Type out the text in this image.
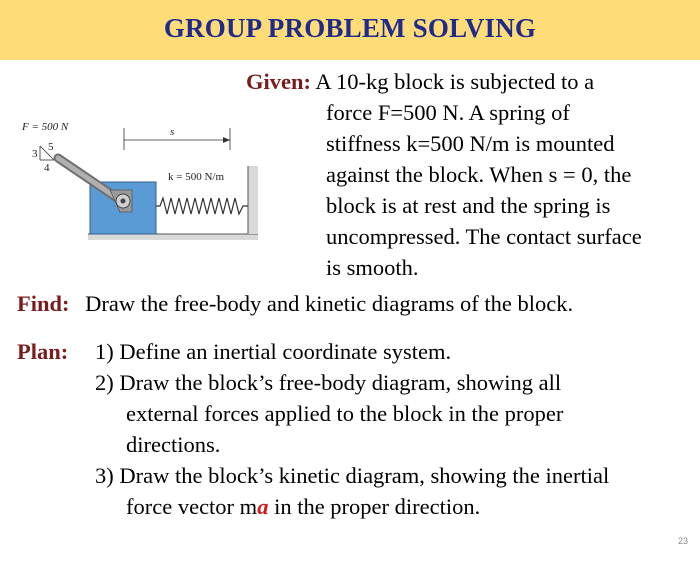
GROUP PROBLEM SOLVING
F = 500 N
5
3
4
k = 500 N/m
s
Given: A 10-kg block is subjected to a
force F=500 N. A spring of
stiffness k=500 N/m is mounted
against the block. When s = 0, the
block is at rest and the spring is
uncompressed. The contact surface
is smooth.
Find: Draw the free-body and kinetic diagrams of the block.
Plan: 1) Define an inertial coordinate system.
2) Draw the block’s free-body diagram, showing all
external forces applied to the block in the proper
directions.
3) Draw the block’s kinetic diagram, showing the inertial
force vector ma in the proper direction.
23
